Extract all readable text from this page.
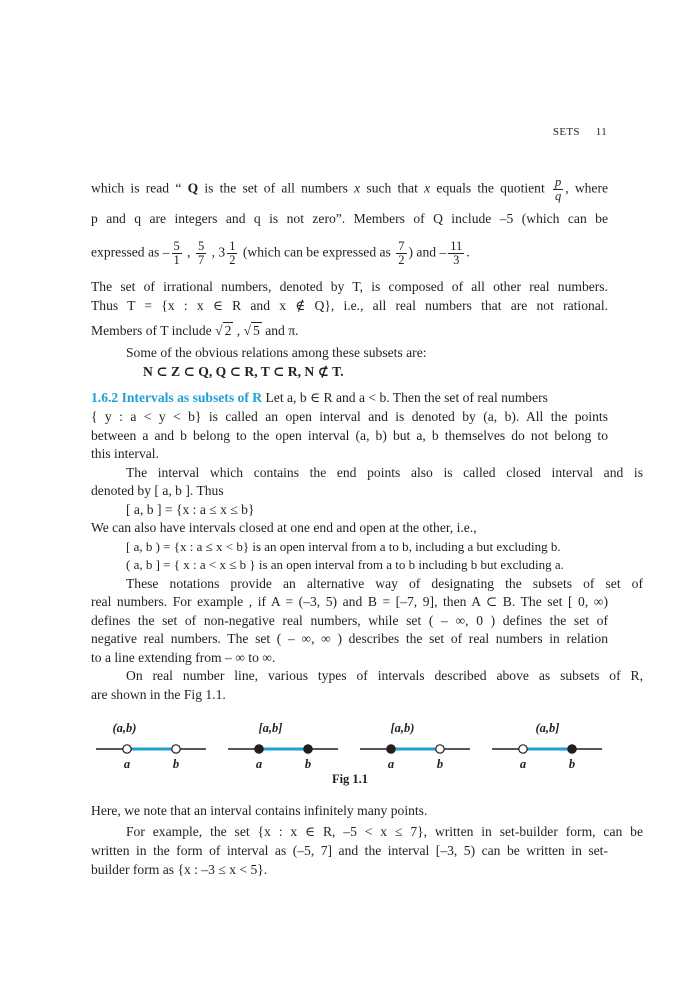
SETS 11
which is read “ Q is the set of all numbers x such that x equals the quotient $\frac{p}{q}$ , where
p and q are integers and q is not zero”. Members of Q include –5 (which can be
expressed as – $\frac{5}{1}$ , $\frac{5}{7}$ , $3 \frac{1}{2}$ (which can be expressed as $\frac{7}{2}$ ) and – $\frac{11}{3}$ .
The set of irrational numbers, denoted by T, is composed of all other real numbers.
Thus T = {x : x ∈ R and x ∉ Q}, i.e., all real numbers that are not rational.
Members of T include √ 2 , √ 5 and π.
Some of the obvious relations among these subsets are:
N ⊂ Z ⊂ Q, Q ⊂ R, T ⊂ R, N ⊄ T.
1.6.2 Intervals as subsets of R Let a, b ∈ R and a < b. Then the set of real numbers
{ y : a < y < b} is called an open interval and is denoted by (a, b). All the points
between a and b belong to the open interval (a, b) but a, b themselves do not belong to
this interval.
The interval which contains the end points also is called closed interval and is
denoted by [ a, b ]. Thus
[ a, b ] = {x : a ≤ x ≤ b}
We can also have intervals closed at one end and open at the other, i.e.,
[ a, b ) = {x : a ≤ x < b} is an open interval from a to b, including a but excluding b.
( a, b ] = { x : a < x ≤ b } is an open interval from a to b including b but excluding a.
These notations provide an alternative way of designating the subsets of set of
real numbers. For example , if A = (–3, 5) and B = [–7, 9], then A ⊂ B. The set [ 0, ∞)
defines the set of non-negative real numbers, while set ( – ∞, 0 ) defines the set of
negative real numbers. The set ( – ∞, ∞ ) describes the set of real numbers in relation
to a line extending from – ∞ to ∞.
On real number line, various types of intervals described above as subsets of R,
are shown in the Fig 1.1.
Here, we note that an interval contains infinitely many points.
For example, the set {x : x ∈ R, –5 < x ≤ 7}, written in set-builder form, can be
written in the form of interval as (–5, 7] and the interval [–3, 5) can be written in set-
builder form as {x : –3 ≤ x < 5}.
(a,b)
a	b
[a,b]
a	b
[a,b)
a	b
(a,b]
a	b
Fig 1.1
